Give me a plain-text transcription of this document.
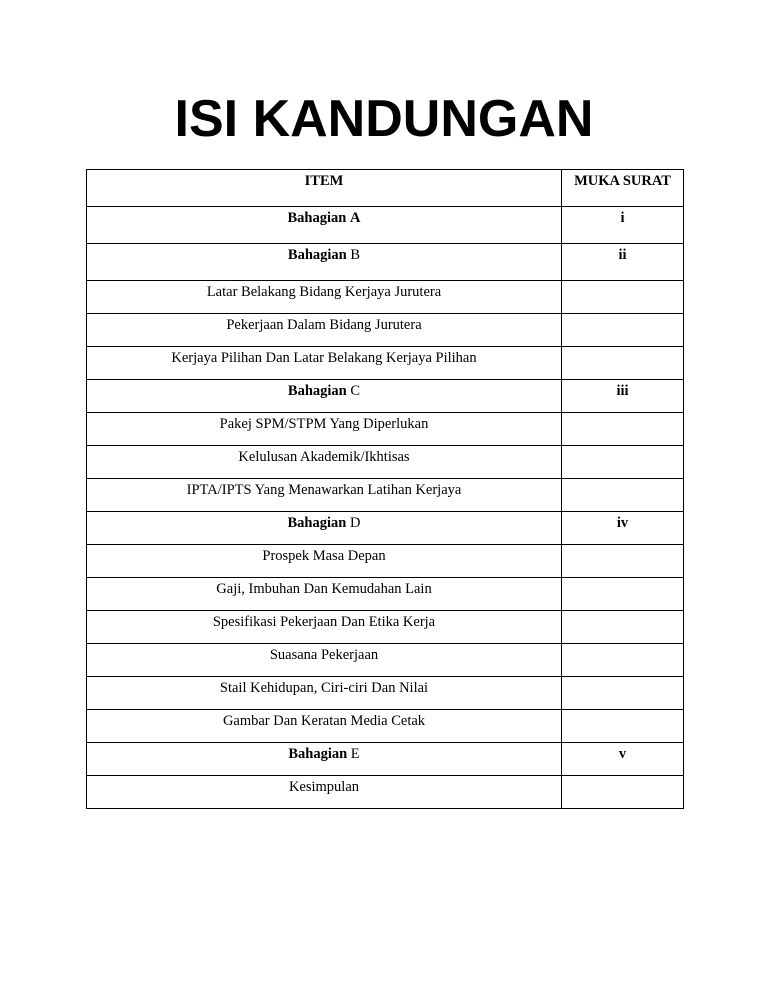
ISI KANDUNGAN
ITEM	MUKA SURAT
Bahagian A	i
Bahagian B	ii
Latar Belakang Bidang Kerjaya Jurutera	
Pekerjaan Dalam Bidang Jurutera	
Kerjaya Pilihan Dan Latar Belakang Kerjaya Pilihan	
Bahagian C	iii
Pakej SPM/STPM Yang Diperlukan	
Kelulusan Akademik/Ikhtisas	
IPTA/IPTS Yang Menawarkan Latihan Kerjaya	
Bahagian D	iv
Prospek Masa Depan	
Gaji, Imbuhan Dan Kemudahan Lain	
Spesifikasi Pekerjaan Dan Etika Kerja	
Suasana Pekerjaan	
Stail Kehidupan, Ciri-ciri Dan Nilai	
Gambar Dan Keratan Media Cetak	
Bahagian E	v
Kesimpulan	
